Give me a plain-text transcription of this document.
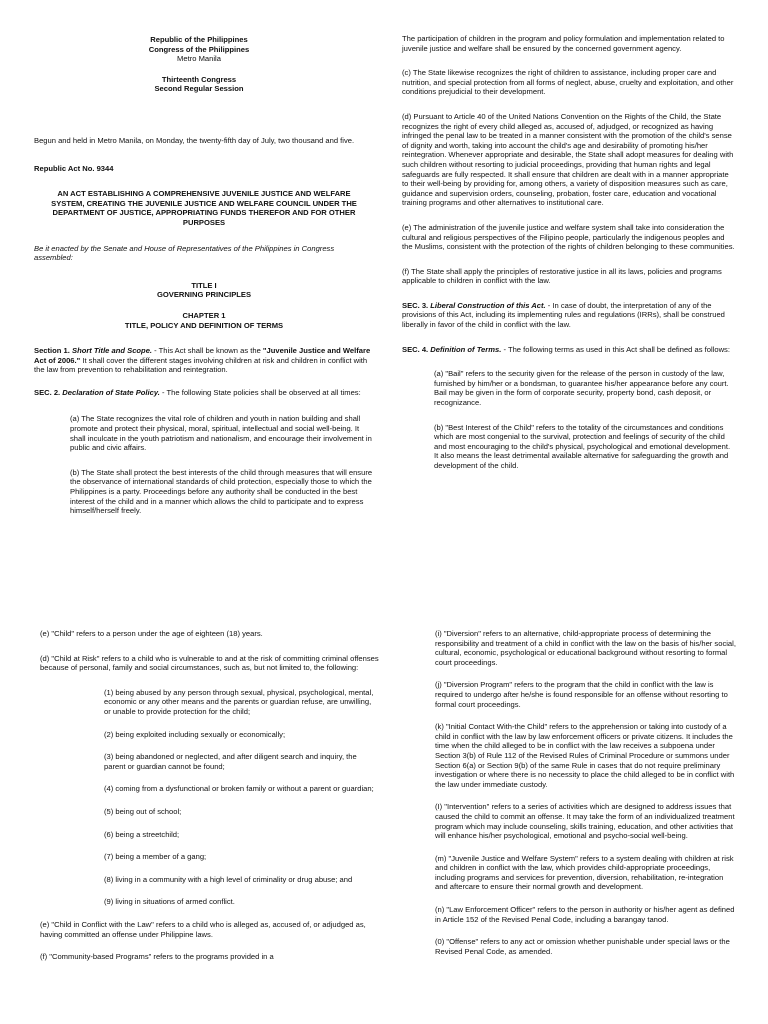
Republic of the Philippines
Congress of the Philippines
Metro Manila
Thirteenth Congress
Second Regular Session

Begun and held in Metro Manila, on Monday, the twenty-fifth day of July, two thousand and five.

Republic Act No. 9344

AN ACT ESTABLISHING A COMPREHENSIVE JUVENILE JUSTICE AND WELFARE SYSTEM, CREATING THE JUVENILE JUSTICE AND WELFARE COUNCIL UNDER THE DEPARTMENT OF JUSTICE, APPROPRIATING FUNDS THEREFOR AND FOR OTHER PURPOSES

Be it enacted by the Senate and House of Representatives of the Philippines in Congress assembled:

TITLE I
GOVERNING PRINCIPLES
CHAPTER 1
TITLE, POLICY AND DEFINITION OF TERMS

Section 1. Short Title and Scope. - This Act shall be known as the "Juvenile Justice and Welfare Act of 2006." It shall cover the different stages involving children at risk and children in conflict with the law from prevention to rehabilitation and reintegration.

SEC. 2. Declaration of State Policy. - The following State policies shall be observed at all times:

(a) The State recognizes the vital role of children and youth in nation building and shall promote and protect their physical, moral, spiritual, intellectual and social well-being. It shall inculcate in the youth patriotism and nationalism, and encourage their involvement in public and civic affairs.

(b) The State shall protect the best interests of the child through measures that will ensure the observance of international standards of child protection, especially those to which the Philippines is a party. Proceedings before any authority shall be conducted in the best interest of the child and in a manner which allows the child to participate and to express himself/herself freely.

The participation of children in the program and policy formulation and implementation related to juvenile justice and welfare shall be ensured by the concerned government agency.

(c) The State likewise recognizes the right of children to assistance, including proper care and nutrition, and special protection from all forms of neglect, abuse, cruelty and exploitation, and other conditions prejudicial to their development.

(d) Pursuant to Article 40 of the United Nations Convention on the Rights of the Child, the State recognizes the right of every child alleged as, accused of, adjudged, or recognized as having infringed the penal law to be treated in a manner consistent with the promotion of the child's sense of dignity and worth, taking into account the child's age and desirability of promoting his/her reintegration. Whenever appropriate and desirable, the State shall adopt measures for dealing with such children without resorting to judicial proceedings, providing that human rights and legal safeguards are fully respected. It shall ensure that children are dealt with in a manner appropriate to their well-being by providing for, among others, a variety of disposition measures such as care, guidance and supervision orders, counseling, probation, foster care, education and vocational training programs and other alternatives to institutional care.

(e) The administration of the juvenile justice and welfare system shall take into consideration the cultural and religious perspectives of the Filipino people, particularly the indigenous peoples and the Muslims, consistent with the protection of the rights of children belonging to these communities.

(f) The State shall apply the principles of restorative justice in all its laws, policies and programs applicable to children in conflict with the law.

SEC. 3. Liberal Construction of this Act. - In case of doubt, the interpretation of any of the provisions of this Act, including its implementing rules and regulations (IRRs), shall be construed liberally in favor of the child in conflict with the law.

SEC. 4. Definition of Terms. - The following terms as used in this Act shall be defined as follows:

(a) "Bail" refers to the security given for the release of the person in custody of the law, furnished by him/her or a bondsman, to guarantee his/her appearance before any court. Bail may be given in the form of corporate security, property bond, cash deposit, or recognizance.

(b) "Best Interest of the Child" refers to the totality of the circumstances and conditions which are most congenial to the survival, protection and feelings of security of the child and most encouraging to the child's physical, psychological and emotional development. It also means the least detrimental available alternative for safeguarding the growth and development of the child.

(e) "Child" refers to a person under the age of eighteen (18) years.

(d) "Child at Risk" refers to a child who is vulnerable to and at the risk of committing criminal offenses because of personal, family and social circumstances, such as, but not limited to, the following:

(1) being abused by any person through sexual, physical, psychological, mental, economic or any other means and the parents or guardian refuse, are unwilling, or unable to provide protection for the child;

(2) being exploited including sexually or economically;

(3) being abandoned or neglected, and after diligent search and inquiry, the parent or guardian cannot be found;

(4) coming from a dysfunctional or broken family or without a parent or guardian;

(5) being out of school;

(6) being a streetchild;

(7) being a member of a gang;

(8) living in a community with a high level of criminality or drug abuse; and

(9) living in situations of armed conflict.

(e) "Child in Conflict with the Law" refers to a child who is alleged as, accused of, or adjudged as, having committed an offense under Philippine laws.

(f) "Community-based Programs" refers to the programs provided in a

(i) "Diversion" refers to an alternative, child-appropriate process of determining the responsibility and treatment of a child in conflict with the law on the basis of his/her social, cultural, economic, psychological or educational background without resorting to formal court proceedings.

(j) "Diversion Program" refers to the program that the child in conflict with the law is required to undergo after he/she is found responsible for an offense without resorting to formal court proceedings.

(k) "Initial Contact With-the Child" refers to the apprehension or taking into custody of a child in conflict with the law by law enforcement officers or private citizens. It includes the time when the child alleged to be in conflict with the law receives a subpoena under Section 3(b) of Rule 112 of the Revised Rules of Criminal Procedure or summons under Section 6(a) or Section 9(b) of the same Rule in cases that do not require preliminary investigation or where there is no necessity to place the child alleged to be in conflict with the law under immediate custody.

(I) "Intervention" refers to a series of activities which are designed to address issues that caused the child to commit an offense. It may take the form of an individualized treatment program which may include counseling, skills training, education, and other activities that will enhance his/her psychological, emotional and psycho-social well-being.

(m) "Juvenile Justice and Welfare System" refers to a system dealing with children at risk and children in conflict with the law, which provides child-appropriate proceedings, including programs and services for prevention, diversion, rehabilitation, re-integration and aftercare to ensure their normal growth and development.

(n) "Law Enforcement Officer" refers to the person in authority or his/her agent as defined in Article 152 of the Revised Penal Code, including a barangay tanod.

(0) "Offense" refers to any act or omission whether punishable under special laws or the Revised Penal Code, as amended.
